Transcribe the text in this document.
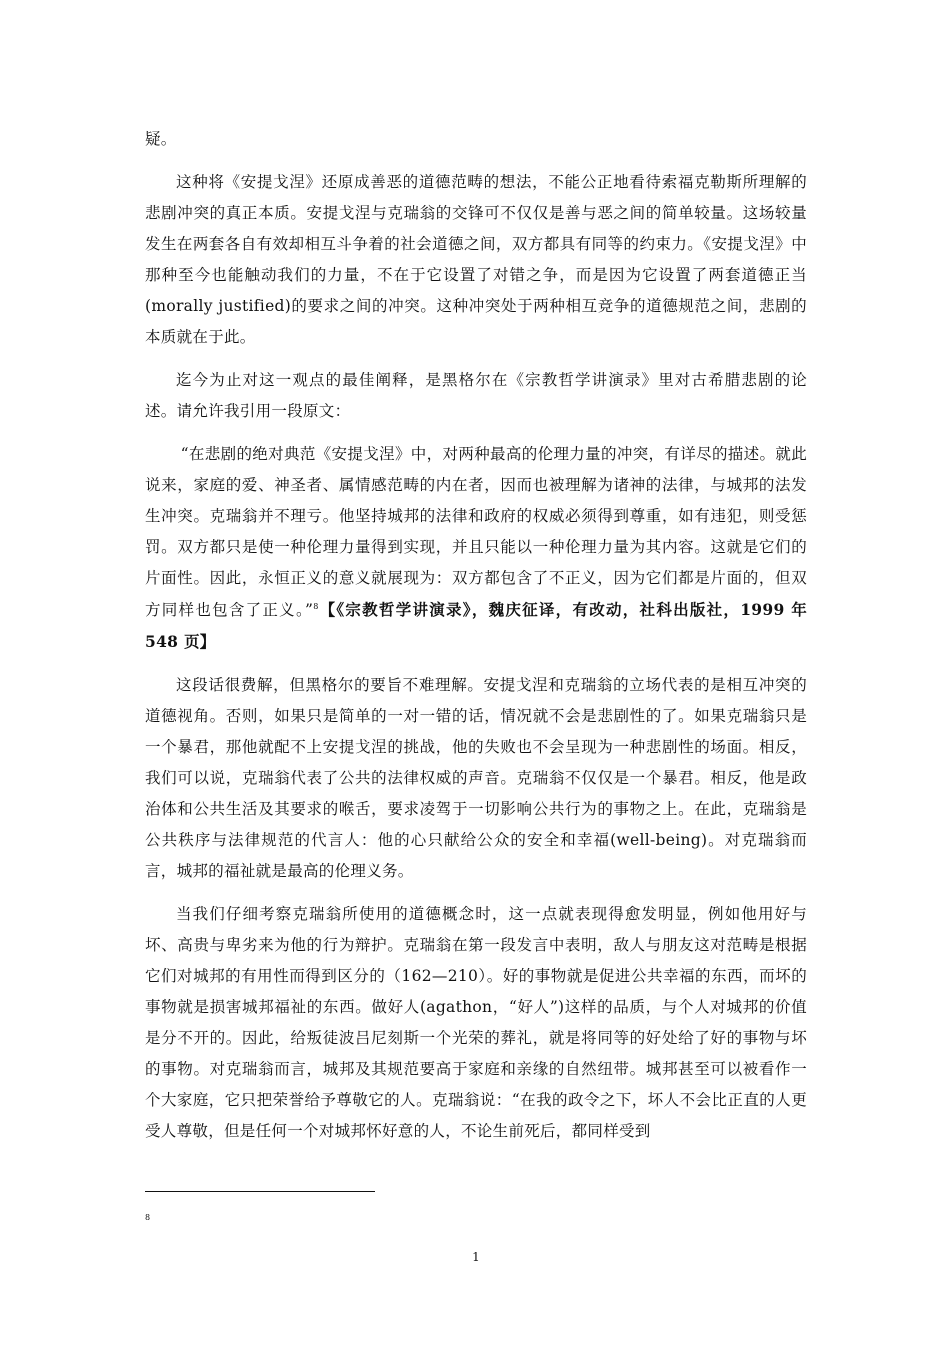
疑。

这种将《安提戈涅》还原成善恶的道德范畴的想法，不能公正地看待索福克勒斯所理解的悲剧冲突的真正本质。安提戈涅与克瑞翁的交锋可不仅仅是善与恶之间的简单较量。这场较量发生在两套各自有效却相互斗争着的社会道德之间，双方都具有同等的约束力。《安提戈涅》中那种至今也能触动我们的力量，不在于它设置了对错之争，而是因为它设置了两套道德正当(morally justified)的要求之间的冲突。这种冲突处于两种相互竞争的道德规范之间，悲剧的本质就在于此。

迄今为止对这一观点的最佳阐释，是黑格尔在《宗教哲学讲演录》里对古希腊悲剧的论述。请允许我引用一段原文：

“在悲剧的绝对典范《安提戈涅》中，对两种最高的伦理力量的冲突，有详尽的描述。就此说来，家庭的爱、神圣者、属情感范畴的内在者，因而也被理解为诸神的法律，与城邦的法发生冲突。克瑞翁并不理亏。他坚持城邦的法律和政府的权威必须得到尊重，如有违犯，则受惩罚。双方都只是使一种伦理力量得到实现，并且只能以一种伦理力量为其内容。这就是它们的片面性。因此，永恒正义的意义就展现为：双方都包含了不正义，因为它们都是片面的，但双方同样也包含了正义。”$^8$【《宗教哲学讲演录》，魏庆征译，有改动，社科出版社，1999 年 548 页】

这段话很费解，但黑格尔的要旨不难理解。安提戈涅和克瑞翁的立场代表的是相互冲突的道德视角。否则，如果只是简单的一对一错的话，情况就不会是悲剧性的了。如果克瑞翁只是一个暴君，那他就配不上安提戈涅的挑战，他的失败也不会呈现为一种悲剧性的场面。相反，我们可以说，克瑞翁代表了公共的法律权威的声音。克瑞翁不仅仅是一个暴君。相反，他是政治体和公共生活及其要求的喉舌，要求凌驾于一切影响公共行为的事物之上。在此，克瑞翁是公共秩序与法律规范的代言人：他的心只献给公众的安全和幸福(well-being)。对克瑞翁而言，城邦的福祉就是最高的伦理义务。

当我们仔细考察克瑞翁所使用的道德概念时，这一点就表现得愈发明显，例如他用好与坏、高贵与卑劣来为他的行为辩护。克瑞翁在第一段发言中表明，敌人与朋友这对范畴是根据它们对城邦的有用性而得到区分的（162—210）。好的事物就是促进公共幸福的东西，而坏的事物就是损害城邦福祉的东西。做好人(agathon，“好人”)这样的品质，与个人对城邦的价值是分不开的。因此，给叛徒波吕尼刻斯一个光荣的葬礼，就是将同等的好处给了好的事物与坏的事物。对克瑞翁而言，城邦及其规范要高于家庭和亲缘的自然纽带。城邦甚至可以被看作一个大家庭，它只把荣誉给予尊敬它的人。克瑞翁说：“在我的政令之下，坏人不会比正直的人更受人尊敬，但是任何一个对城邦怀好意的人，不论生前死后，都同样受到

8
1
